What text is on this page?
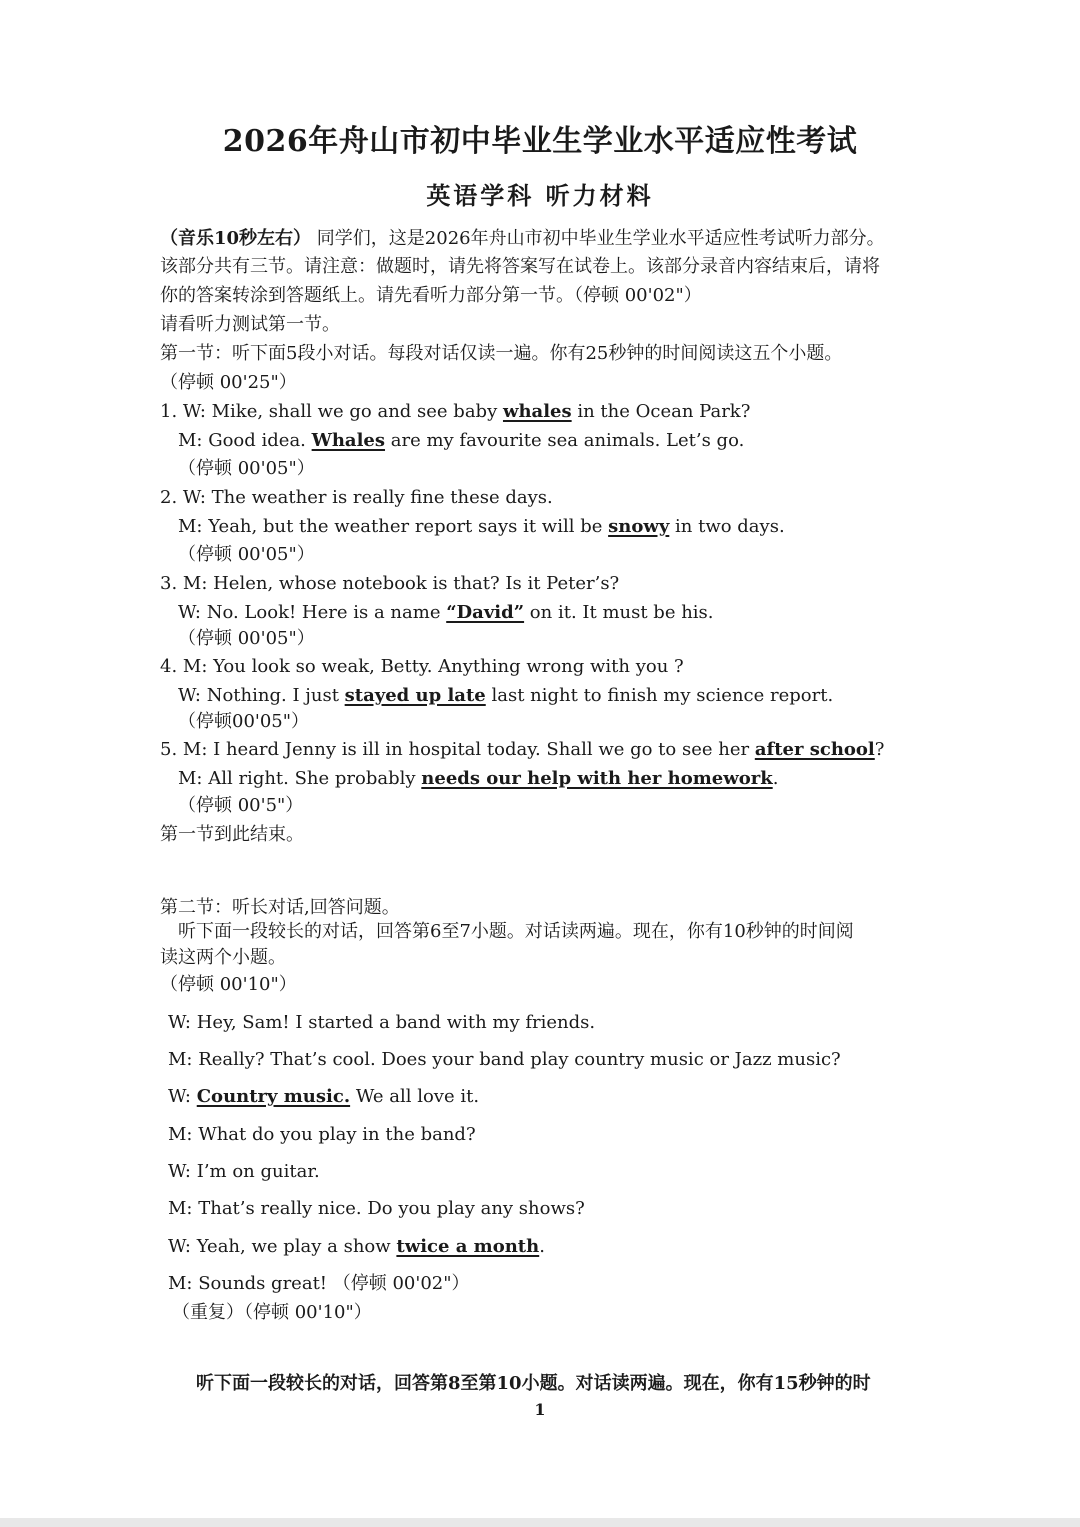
2026年舟山市初中毕业生学业水平适应性考试
英语学科 听力材料
（音乐10秒左右） 同学们，这是2026年舟山市初中毕业生学业水平适应性考试听力部分。
该部分共有三节。请注意：做题时，请先将答案写在试卷上。该部分录音内容结束后，请将
你的答案转涂到答题纸上。请先看听力部分第一节。（停顿 00'02"）
请看听力测试第一节。
第一节：听下面5段小对话。每段对话仅读一遍。你有25秒钟的时间阅读这五个小题。
（停顿 00'25"）
1. W: Mike, shall we go and see baby whales in the Ocean Park?
M: Good idea. Whales are my favourite sea animals. Let’s go.
（停顿 00'05"）
2. W: The weather is really fine these days.
M: Yeah, but the weather report says it will be snowy in two days.
（停顿 00'05"）
3. M: Helen, whose notebook is that? Is it Peter’s?
W: No. Look! Here is a name “David” on it. It must be his.
（停顿 00'05"）
4. M: You look so weak, Betty. Anything wrong with you ?
W: Nothing. I just stayed up late last night to finish my science report.
（停顿00'05"）
5. M: I heard Jenny is ill in hospital today. Shall we go to see her after school?
M: All right. She probably needs our help with her homework.
（停顿 00'5"）
第一节到此结束。
第二节：听长对话,回答问题。
听下面一段较长的对话，回答第6至7小题。对话读两遍。现在，你有10秒钟的时间阅
读这两个小题。
（停顿 00'10"）
W: Hey, Sam! I started a band with my friends.
M: Really? That’s cool. Does your band play country music or Jazz music?
W: Country music. We all love it.
M: What do you play in the band?
W: I’m on guitar.
M: That’s really nice. Do you play any shows?
W: Yeah, we play a show twice a month.
M: Sounds great! （停顿 00'02"）
（重复）（停顿 00'10"）
听下面一段较长的对话，回答第8至第10小题。对话读两遍。现在，你有15秒钟的时
1
